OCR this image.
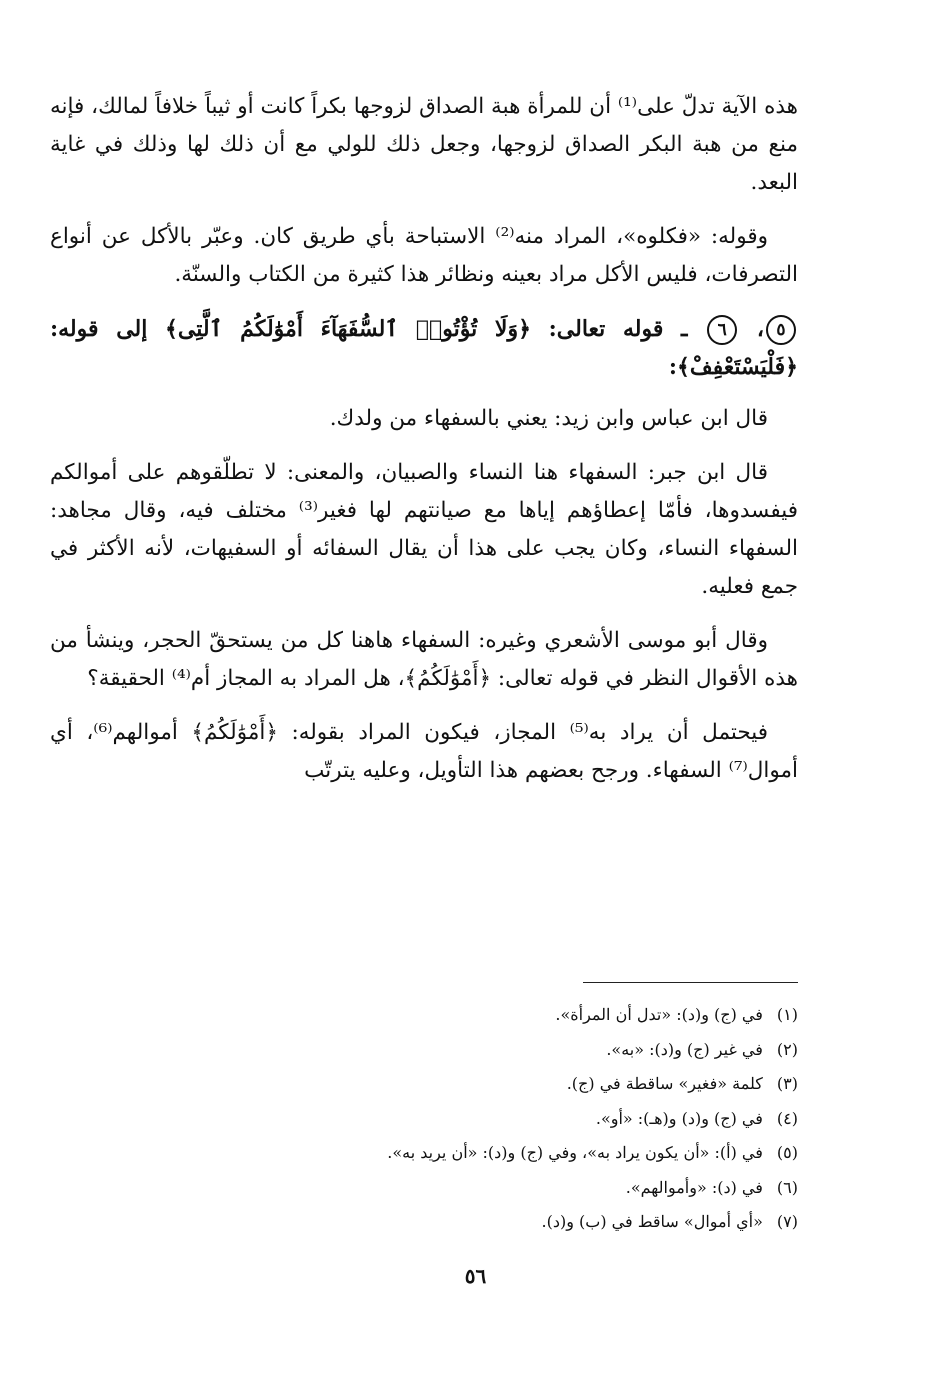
هذه الآية تدلّ على⁽¹⁾ أن للمرأة هبة الصداق لزوجها بكراً كانت أو ثيباً خلافاً لمالك، فإنه منع من هبة البكر الصداق لزوجها، وجعل ذلك للولي مع أن ذلك لها وذلك في غاية البعد.

وقوله: «فكلوه»، المراد منه⁽²⁾ الاستباحة بأي طريق كان. وعبّر بالأكل عن أنواع التصرفات، فليس الأكل مراد بعينه ونظائر هذا كثيرة من الكتاب والسنّة.

٥، ٦ ـ قوله تعالى: ﴿وَلَا تُؤْتُوا۟ ٱلسُّفَهَآءَ أَمْوَٰلَكُمُ ٱلَّتِى﴾ إلى قوله: ﴿فَلْيَسْتَعْفِفْ﴾:

قال ابن عباس وابن زيد: يعني بالسفهاء من ولدك.

قال ابن جبر: السفهاء هنا النساء والصبيان، والمعنى: لا تطلّقوهم على أموالكم فيفسدوها، فأمّا إعطاؤهم إياها مع صيانتهم لها فغير⁽³⁾ مختلف فيه، وقال مجاهد: السفهاء النساء، وكان يجب على هذا أن يقال السفائه أو السفيهات، لأنه الأكثر في جمع فعليه.

وقال أبو موسى الأشعري وغيره: السفهاء هاهنا كل من يستحقّ الحجر، وينشأ من هذه الأقوال النظر في قوله تعالى: ﴿أَمْوَٰلَكُمُ﴾، هل المراد به المجاز أم⁽⁴⁾ الحقيقة؟

فيحتمل أن يراد به⁽⁵⁾ المجاز، فيكون المراد بقوله: ﴿أَمْوَٰلَكُمُ﴾ أموالهم⁽⁶⁾، أي أموال⁽⁷⁾ السفهاء. ورجح بعضهم هذا التأويل، وعليه يترتّب

(١)
في (ج) و(د): «تدل أن المرأة».
(٢)
في غير (ج) و(د): «به».
(٣)
كلمة «فغير» ساقطة في (ج).
(٤)
في (ج) و(د) و(هـ): «أو».
(٥)
في (أ): «أن يكون يراد به»، وفي (ج) و(د): «أن يريد به».
(٦)
في (د): «وأموالهم».
(٧)
«أي أموال» ساقط في (ب) و(د).
٥٦
